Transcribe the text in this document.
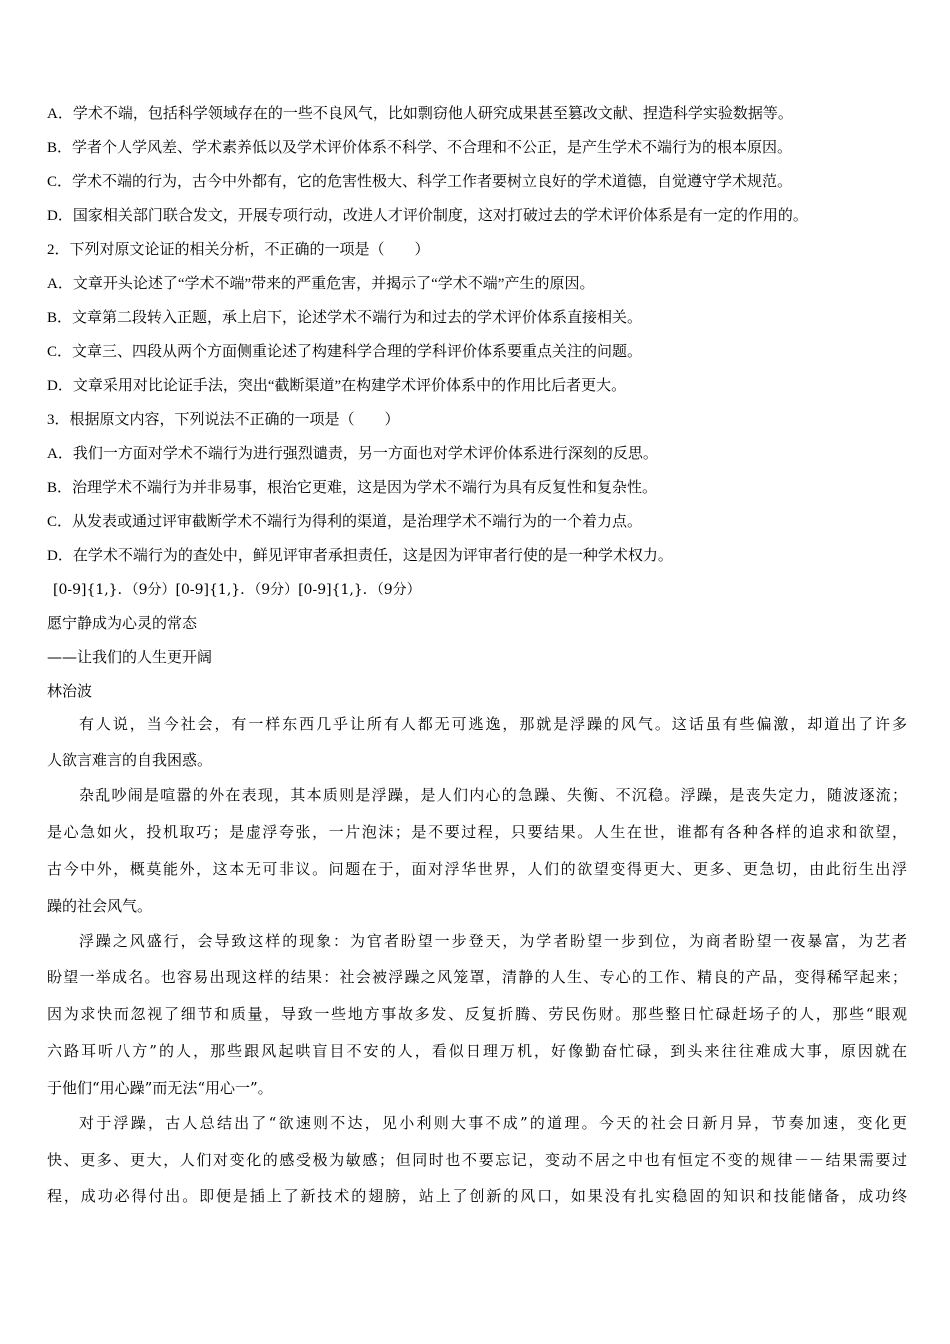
A．学术不端，包括科学领域存在的一些不良风气，比如剽窃他人研究成果甚至篡改文献、捏造科学实验数据等。
B．学者个人学风差、学术素养低以及学术评价体系不科学、不合理和不公正，是产生学术不端行为的根本原因。
C．学术不端的行为，古今中外都有，它的危害性极大、科学工作者要树立良好的学术道德，自觉遵守学术规范。
D．国家相关部门联合发文，开展专项行动，改进人才评价制度，这对打破过去的学术评价体系是有一定的作用的。
2．下列对原文论证的相关分析，不正确的一项是（　　）
A．文章开头论述了“学术不端”带来的严重危害，并揭示了“学术不端”产生的原因。
B．文章第二段转入正题，承上启下，论述学术不端行为和过去的学术评价体系直接相关。
C．文章三、四段从两个方面侧重论述了构建科学合理的学科评价体系要重点关注的问题。
D．文章采用对比论证手法，突出“截断渠道”在构建学术评价体系中的作用比后者更大。
3．根据原文内容，下列说法不正确的一项是（　　）
A．我们一方面对学术不端行为进行强烈谴责，另一方面也对学术评价体系进行深刻的反思。
B．治理学术不端行为并非易事，根治它更难，这是因为学术不端行为具有反复性和复杂性。
C．从发表或通过评审截断学术不端行为得利的渠道，是治理学术不端行为的一个着力点。
D．在学术不端行为的查处中，鲜见评审者承担责任，这是因为评审者行使的是一种学术权力。
[0-9]{1,}．（9分）[0-9]{1,}．（9分）[0-9]{1,}．（9分）
愿宁静成为心灵的常态
——让我们的人生更开阔
林治波
有人说，当今社会，有一样东西几乎让所有人都无可逃逸，那就是浮躁的风气。这话虽有些偏激，却道出了许多
人欲言难言的自我困惑。
杂乱吵闹是喧嚣的外在表现，其本质则是浮躁，是人们内心的急躁、失衡、不沉稳。浮躁，是丧失定力，随波逐流；
是心急如火，投机取巧；是虚浮夸张，一片泡沫；是不要过程，只要结果。人生在世，谁都有各种各样的追求和欲望，
古今中外，概莫能外，这本无可非议。问题在于，面对浮华世界，人们的欲望变得更大、更多、更急切，由此衍生出浮
躁的社会风气。
浮躁之风盛行，会导致这样的现象：为官者盼望一步登天，为学者盼望一步到位，为商者盼望一夜暴富，为艺者
盼望一举成名。也容易出现这样的结果：社会被浮躁之风笼罩，清静的人生、专心的工作、精良的产品，变得稀罕起来；
因为求快而忽视了细节和质量，导致一些地方事故多发、反复折腾、劳民伤财。那些整日忙碌赶场子的人，那些“眼观
六路耳听八方”的人，那些跟风起哄盲目不安的人，看似日理万机，好像勤奋忙碌，到头来往往难成大事，原因就在
于他们“用心躁”而无法“用心一”。
对于浮躁，古人总结出了“欲速则不达，见小利则大事不成”的道理。今天的社会日新月异，节奏加速，变化更
快、更多、更大，人们对变化的感受极为敏感；但同时也不要忘记，变动不居之中也有恒定不变的规律－－结果需要过
程，成功必得付出。即便是插上了新技术的翅膀，站上了创新的风口，如果没有扎实稳固的知识和技能储备，成功终
